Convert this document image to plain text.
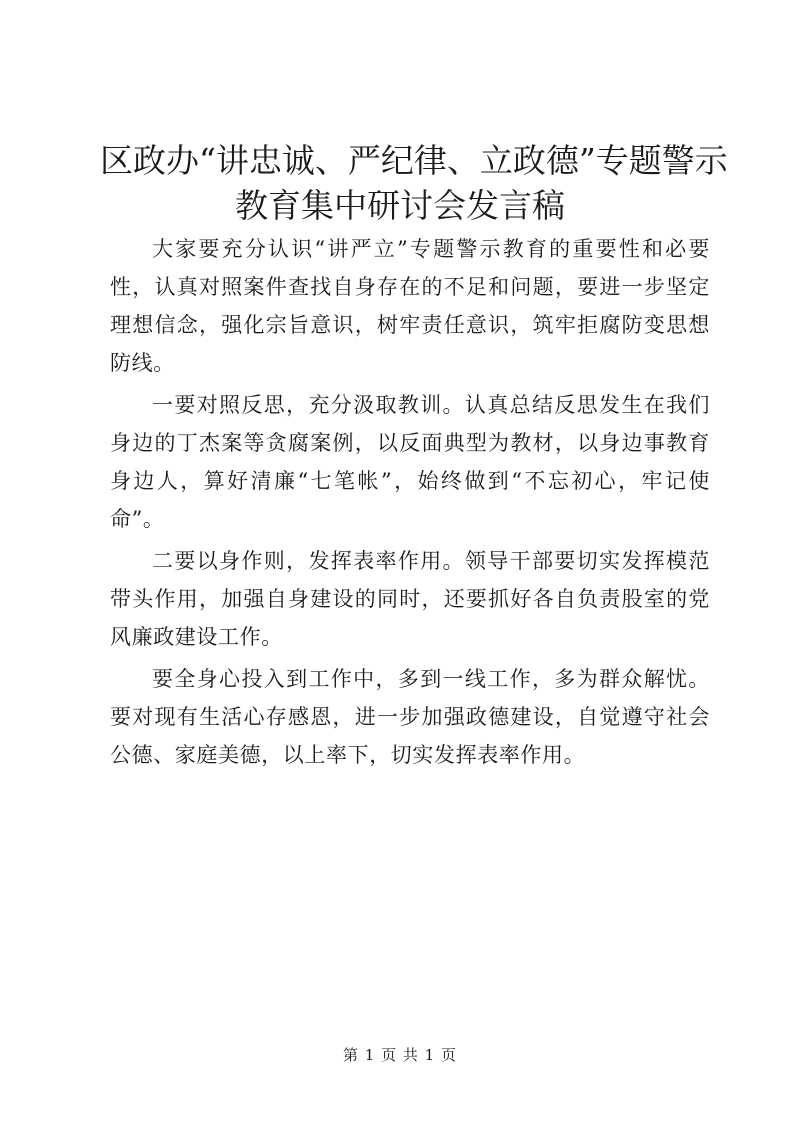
区政办“讲忠诚、严纪律、立政德”专题警示
教育集中研讨会发言稿

大家要充分认识“讲严立”专题警示教育的重要性和必要性，认真对照案件查找自身存在的不足和问题，要进一步坚定理想信念，强化宗旨意识，树牢责任意识，筑牢拒腐防变思想防线。

一要对照反思，充分汲取教训。认真总结反思发生在我们身边的丁杰案等贪腐案例，以反面典型为教材，以身边事教育身边人，算好清廉“七笔帐”，始终做到“不忘初心，牢记使命”。

二要以身作则，发挥表率作用。领导干部要切实发挥模范带头作用，加强自身建设的同时，还要抓好各自负责股室的党风廉政建设工作。

要全身心投入到工作中，多到一线工作，多为群众解忧。要对现有生活心存感恩，进一步加强政德建设，自觉遵守社会公德、家庭美德，以上率下，切实发挥表率作用。

第 1 页 共 1 页
